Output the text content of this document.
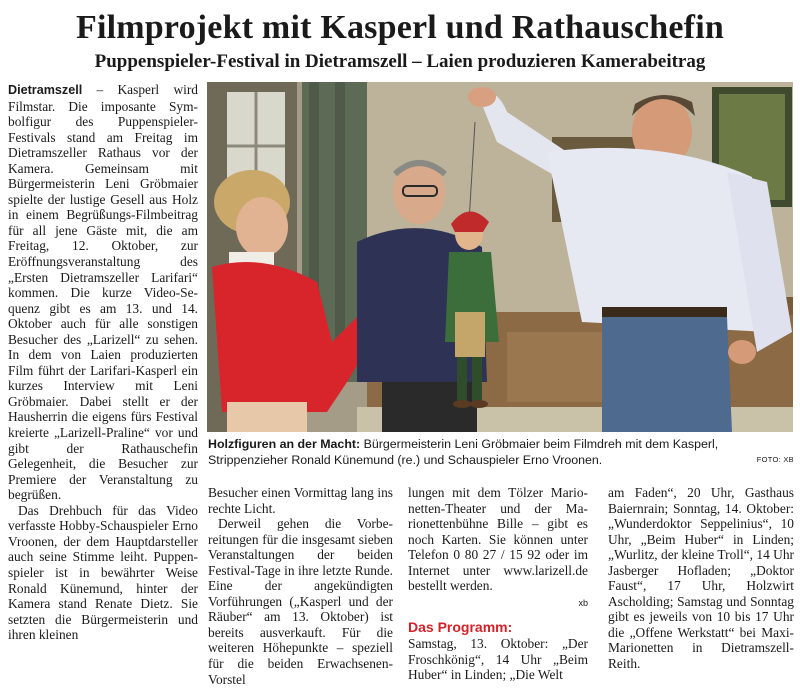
Filmprojekt mit Kasperl und Rathauschefin
Puppenspieler-Festival in Dietramszell – Laien produzieren Kamerabeitrag

Dietramszell – Kasperl wird Filmstar. Die imposante Symbolfigur des Puppenspieler-Festivals stand am Freitag im Dietramszeller Rathaus vor der Kamera. Gemeinsam mit Bürgermeisterin Leni Gröbmaier spielte der lustige Gesell aus Holz in einem Begrüßungs-Filmbeitrag für all jene Gäste mit, die am Freitag, 12. Oktober, zur Eröffnungsveranstaltung des „Ersten Dietramszeller Larifari“ kommen. Die kurze Video-Sequenz gibt es am 13. und 14. Oktober auch für alle sonstigen Besucher des „Larizell“ zu sehen. In dem von Laien produzierten Film führt der Larifari-Kasperl ein kurzes Interview mit Leni Gröbmaier. Dabei stellt er der Hausherrin die eigens fürs Festival kreierte „Larizell-Praline“ vor und gibt der Rathauschefin Gelegenheit, die Besucher zur Premiere der Veranstaltung zu begrüßen.

Das Drehbuch für das Video verfasste Hobby-Schauspieler Erno Vroonen, der dem Hauptdarsteller auch seine Stimme leiht. Puppenspieler ist in bewährter Weise Ronald Künemund, hinter der Kamera stand Renate Dietz. Sie setzten die Bürgermeisterin und ihren kleinen

Holzfiguren an der Macht: Bürgermeisterin Leni Gröbmaier beim Filmdreh mit dem Kasperl, Strippenzieher Ronald Künemund (re.) und Schauspieler Erno Vroonen.	FOTO: XB

Besucher einen Vormittag lang ins rechte Licht.

Derweil gehen die Vorbereitungen für die insgesamt sieben Veranstaltungen der beiden Festival-Tage in ihre letzte Runde. Eine der angekündigten Vorführungen („Kasperl und der Räuber“ am 13. Oktober) ist bereits ausverkauft. Für die weiteren Höhepunkte – speziell für die beiden Erwachsenen-Vorstel

lungen mit dem Tölzer Marionetten-Theater und der Marionettenbühne Bille – gibt es noch Karten. Sie können unter Telefon 0 80 27 / 15 92 oder im Internet unter www.larizell.de bestellt werden.

xb
Das Programm:

Samstag, 13. Oktober: „Der Froschkönig“, 14 Uhr „Beim Huber“ in Linden; „Die Welt

am Faden“, 20 Uhr, Gasthaus Baiernrain; Sonntag, 14. Oktober: „Wunderdoktor Seppelinius“, 10 Uhr, „Beim Huber“ in Linden; „Wurlitz, der kleine Troll“, 14 Uhr Jasberger Hofladen; „Doktor Faust“, 17 Uhr, Holzwirt Ascholding; Samstag und Sonntag gibt es jeweils von 10 bis 17 Uhr die „Offene Werkstatt“ bei Maxi-Marionetten in Dietramszell-Reith.
